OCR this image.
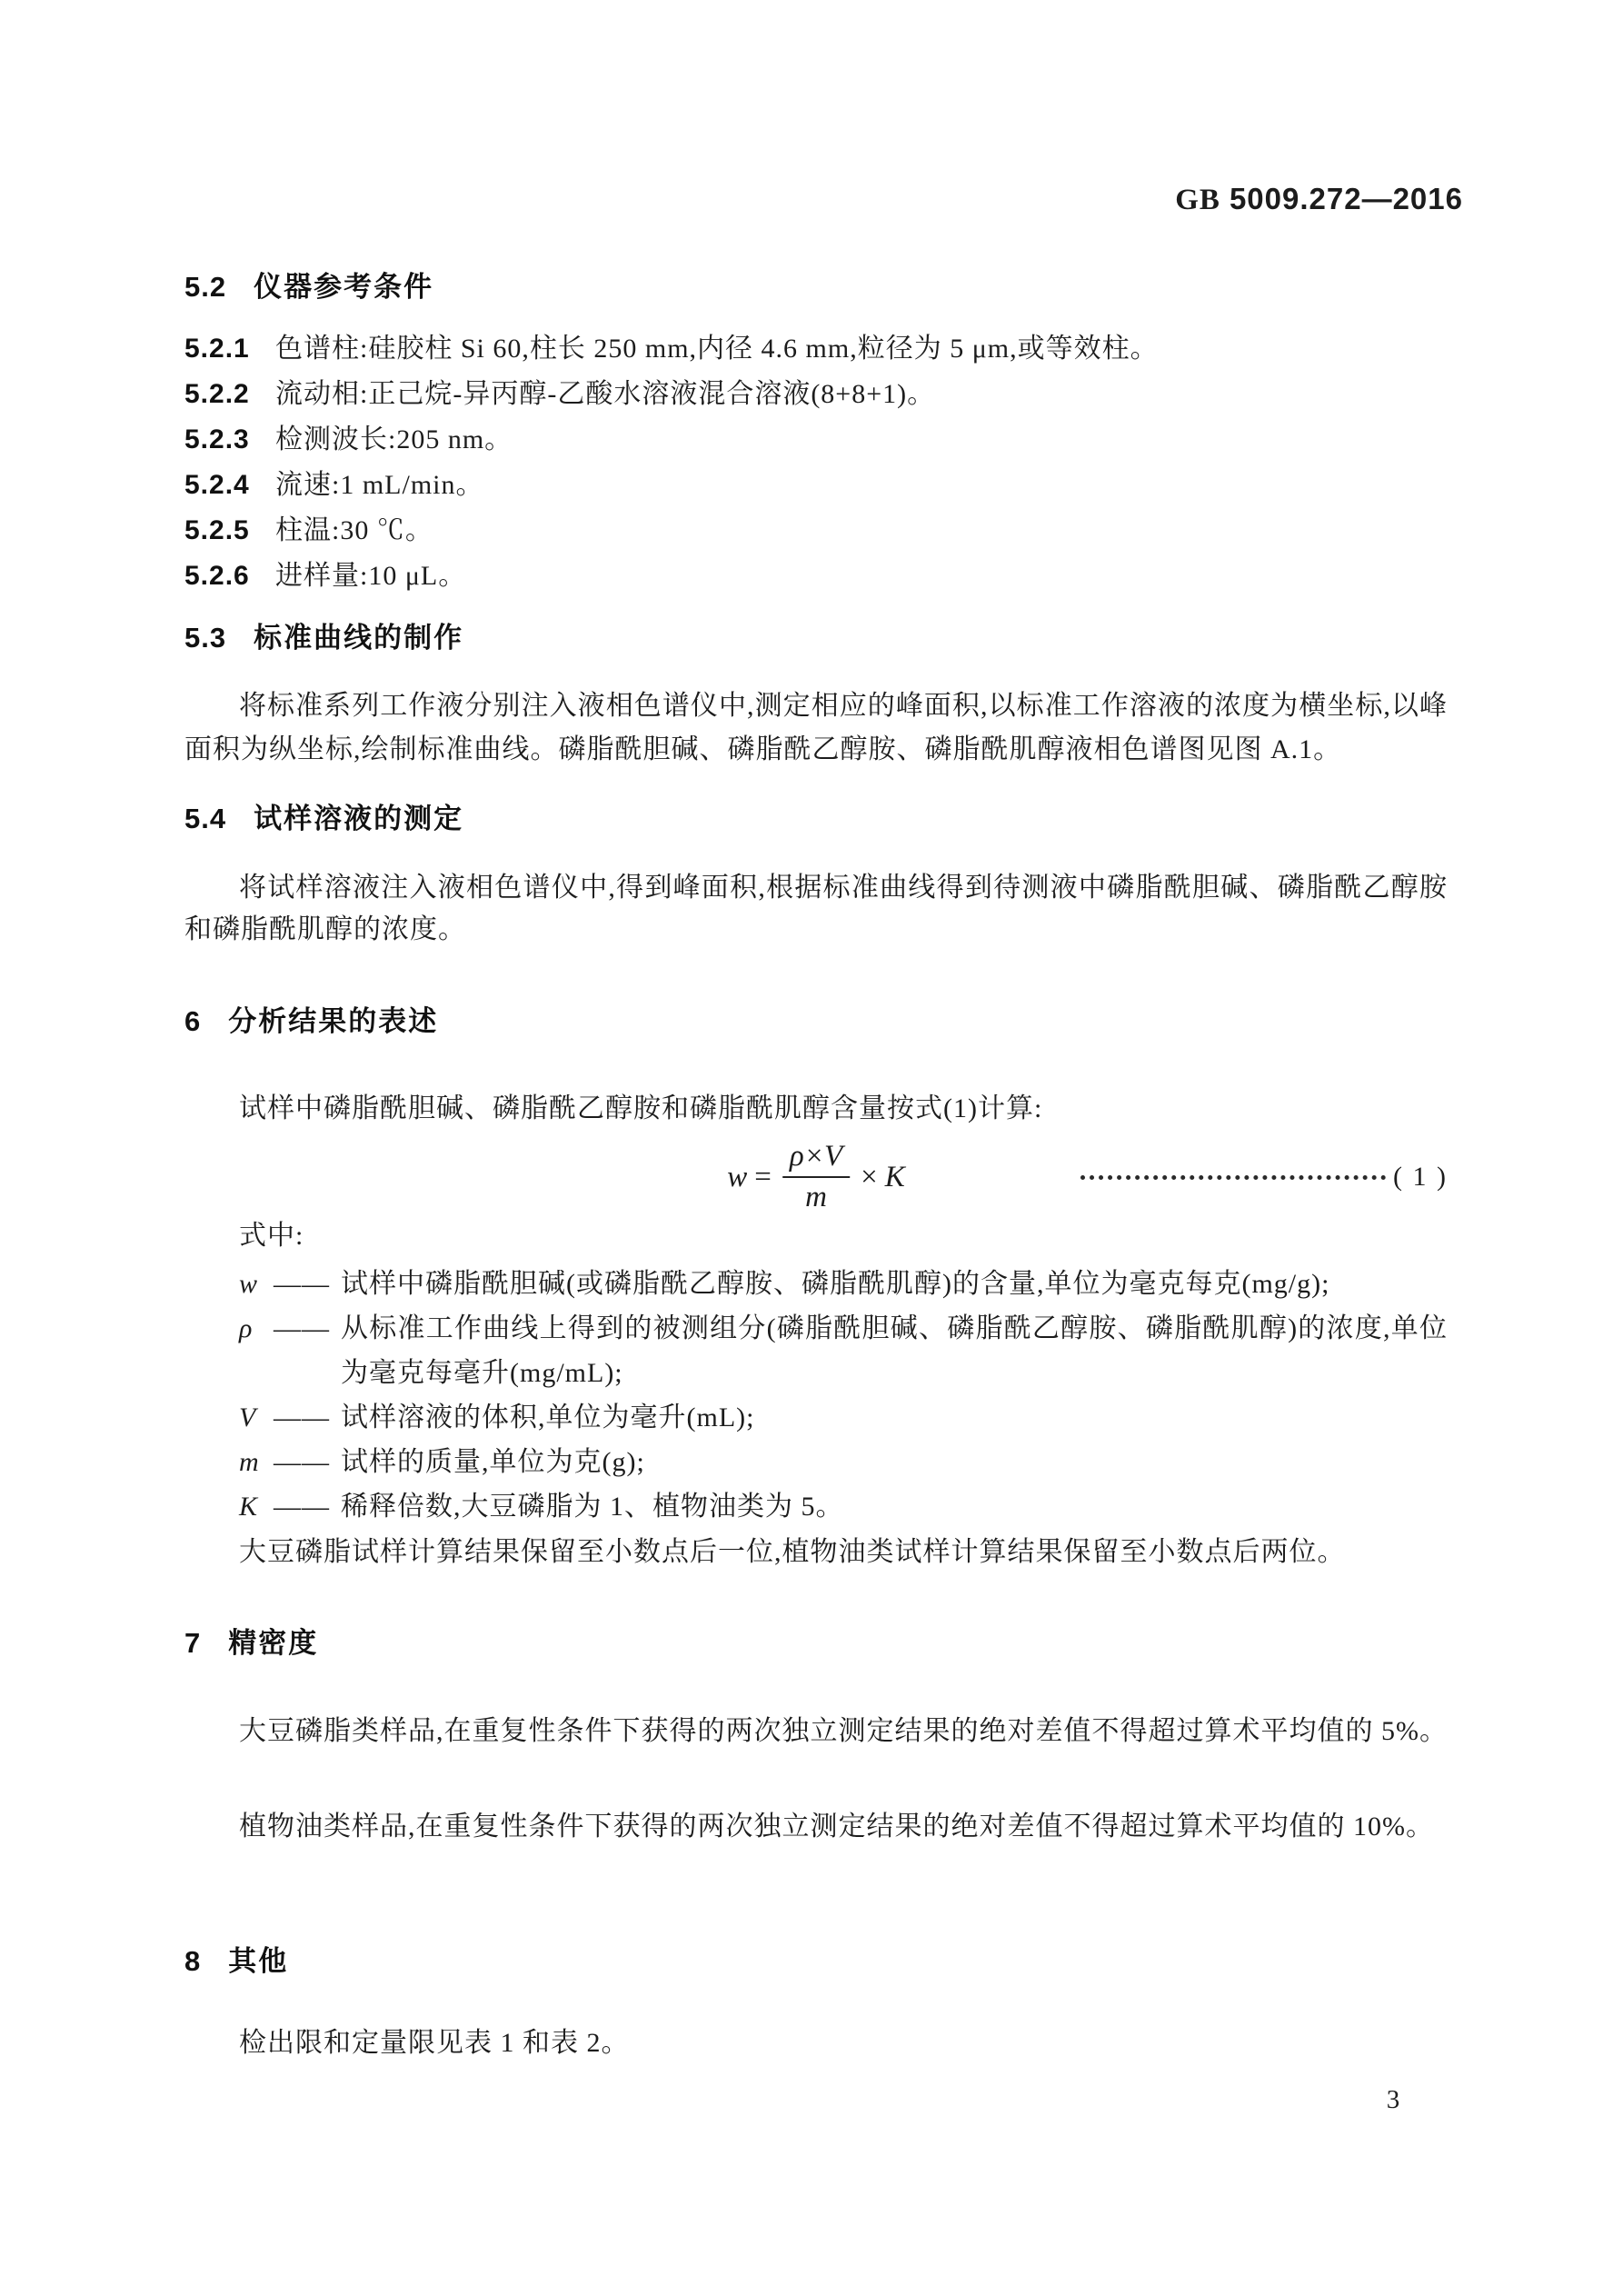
GB 5009.272—2016
5.2 仪器参考条件
5.2.1 色谱柱:硅胶柱 Si 60,柱长 250 mm,内径 4.6 mm,粒径为 5 μm,或等效柱。
5.2.2 流动相:正己烷-异丙醇-乙酸水溶液混合溶液(8+8+1)。
5.2.3 检测波长:205 nm。
5.2.4 流速:1 mL/min。
5.2.5 柱温:30 ℃。
5.2.6 进样量:10 μL。
5.3 标准曲线的制作
将标准系列工作液分别注入液相色谱仪中,测定相应的峰面积,以标准工作溶液的浓度为横坐标,以峰面积为纵坐标,绘制标准曲线。磷脂酰胆碱、磷脂酰乙醇胺、磷脂酰肌醇液相色谱图见图 A.1。
5.4 试样溶液的测定
将试样溶液注入液相色谱仪中,得到峰面积,根据标准曲线得到待测液中磷脂酰胆碱、磷脂酰乙醇胺和磷脂酰肌醇的浓度。
6 分析结果的表述
试样中磷脂酰胆碱、磷脂酰乙醇胺和磷脂酰肌醇含量按式(1)计算:
$w = \frac{\rho\times V}{m} \times K$	( 1 )
式中:
w —— 试样中磷脂酰胆碱(或磷脂酰乙醇胺、磷脂酰肌醇)的含量,单位为毫克每克(mg/g);
ρ —— 从标准工作曲线上得到的被测组分(磷脂酰胆碱、磷脂酰乙醇胺、磷脂酰肌醇)的浓度,单位为毫克每毫升(mg/mL);
V —— 试样溶液的体积,单位为毫升(mL);
m —— 试样的质量,单位为克(g);
K —— 稀释倍数,大豆磷脂为 1、植物油类为 5。
大豆磷脂试样计算结果保留至小数点后一位,植物油类试样计算结果保留至小数点后两位。
7 精密度
大豆磷脂类样品,在重复性条件下获得的两次独立测定结果的绝对差值不得超过算术平均值的 5%。
植物油类样品,在重复性条件下获得的两次独立测定结果的绝对差值不得超过算术平均值的 10%。
8 其他
检出限和定量限见表 1 和表 2。
3
